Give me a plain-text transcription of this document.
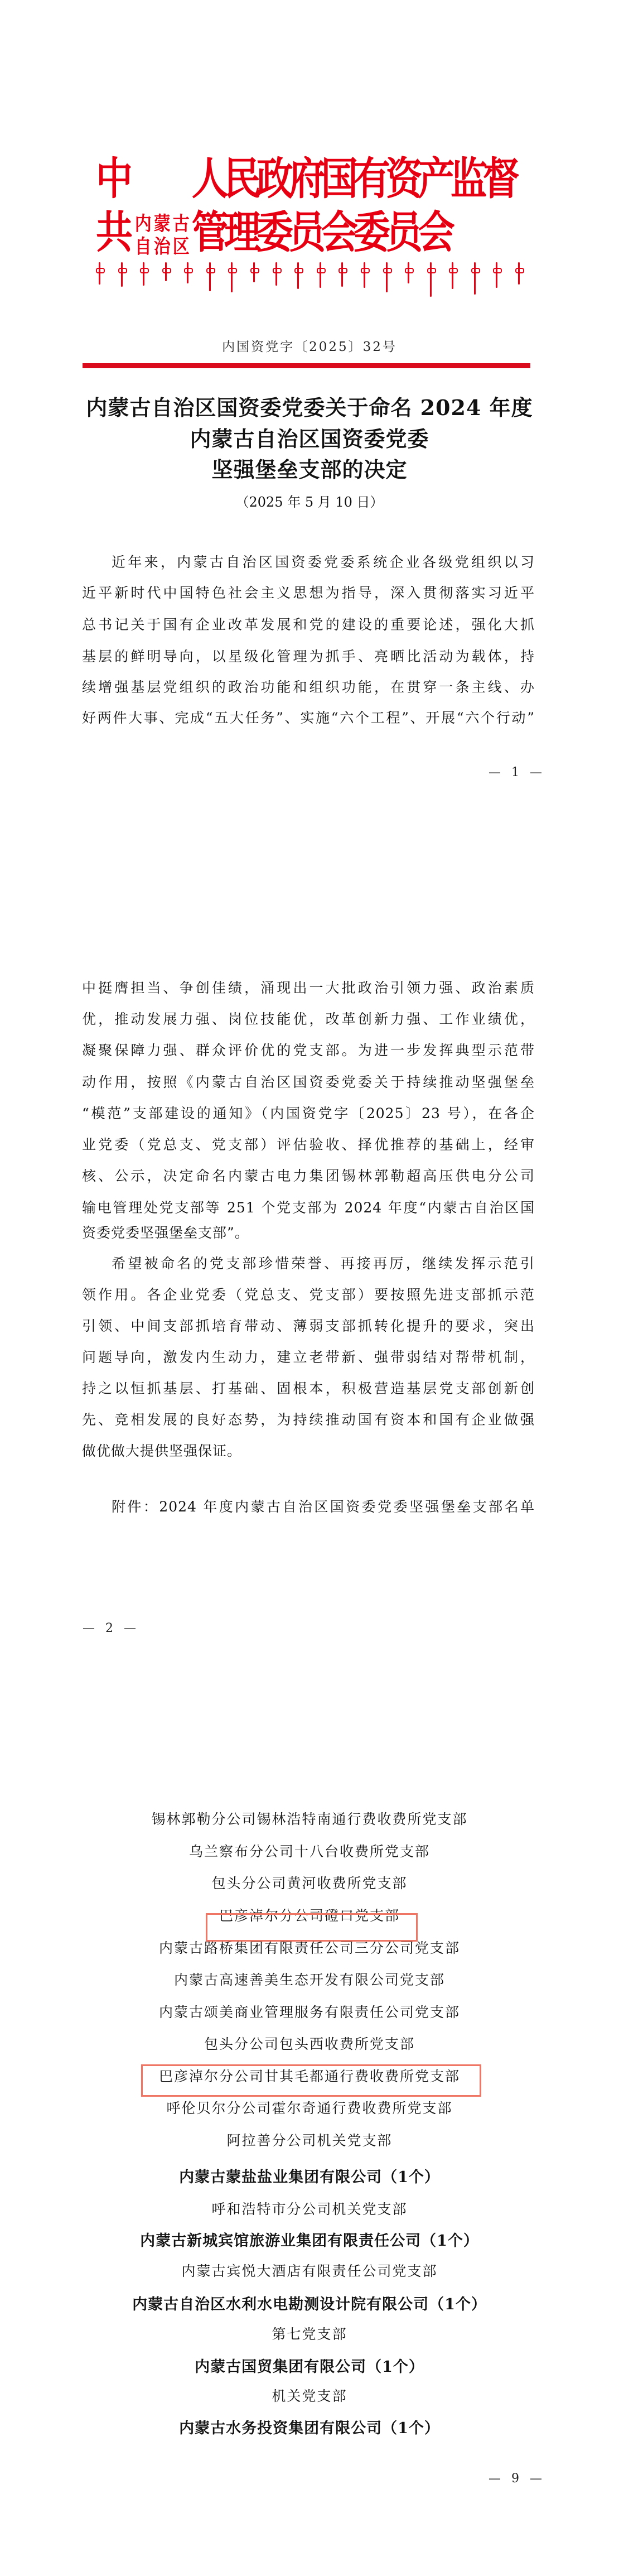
中共 内
自
蒙
治
古
区
人民政府国有资产监督管理委员会委员会
内国资党字〔2025〕32号
内蒙古自治区国资委党委关于命名 2024 年度
内蒙古自治区国资委党委
坚强堡垒支部的决定
（2025 年 5 月 10 日）
近年来，内蒙古自治区国资委党委系统企业各级党组织以习
近平新时代中国特色社会主义思想为指导，深入贯彻落实习近平
总书记关于国有企业改革发展和党的建设的重要论述，强化大抓
基层的鲜明导向，以星级化管理为抓手、亮晒比活动为载体，持
续增强基层党组织的政治功能和组织功能，在贯穿一条主线、办
好两件大事、完成“五大任务”、实施“六个工程”、开展“六个行动”
— 1 —
中挺膺担当、争创佳绩，涌现出一大批政治引领力强、政治素质
优，推动发展力强、岗位技能优，改革创新力强、工作业绩优，
凝聚保障力强、群众评价优的党支部。为进一步发挥典型示范带
动作用，按照《内蒙古自治区国资委党委关于持续推动坚强堡垒
“模范”支部建设的通知》（内国资党字〔2025〕23 号），在各企
业党委（党总支、党支部）评估验收、择优推荐的基础上，经审
核、公示，决定命名内蒙古电力集团锡林郭勒超高压供电分公司
输电管理处党支部等 251 个党支部为 2024 年度“内蒙古自治区国
资委党委坚强堡垒支部”。
希望被命名的党支部珍惜荣誉、再接再厉，继续发挥示范引
领作用。各企业党委（党总支、党支部）要按照先进支部抓示范
引领、中间支部抓培育带动、薄弱支部抓转化提升的要求，突出
问题导向，激发内生动力，建立老带新、强带弱结对帮带机制，
持之以恒抓基层、打基础、固根本，积极营造基层党支部创新创
先、竞相发展的良好态势，为持续推动国有资本和国有企业做强
做优做大提供坚强保证。
附件：2024 年度内蒙古自治区国资委党委坚强堡垒支部名单
— 2 —
锡林郭勒分公司锡林浩特南通行费收费所党支部
乌兰察布分公司十八台收费所党支部
包头分公司黄河收费所党支部
巴彦淖尔分公司磴口党支部
内蒙古路桥集团有限责任公司三分公司党支部
内蒙古高速善美生态开发有限公司党支部
内蒙古颂美商业管理服务有限责任公司党支部
包头分公司包头西收费所党支部
巴彦淖尔分公司甘其毛都通行费收费所党支部
呼伦贝尔分公司霍尔奇通行费收费所党支部
阿拉善分公司机关党支部
内蒙古蒙盐盐业集团有限公司（1个）
呼和浩特市分公司机关党支部
内蒙古新城宾馆旅游业集团有限责任公司（1个）
内蒙古宾悦大酒店有限责任公司党支部
内蒙古自治区水利水电勘测设计院有限公司（1个）
第七党支部
内蒙古国贸集团有限公司（1个）
机关党支部
内蒙古水务投资集团有限公司（1个）
— 9 —
